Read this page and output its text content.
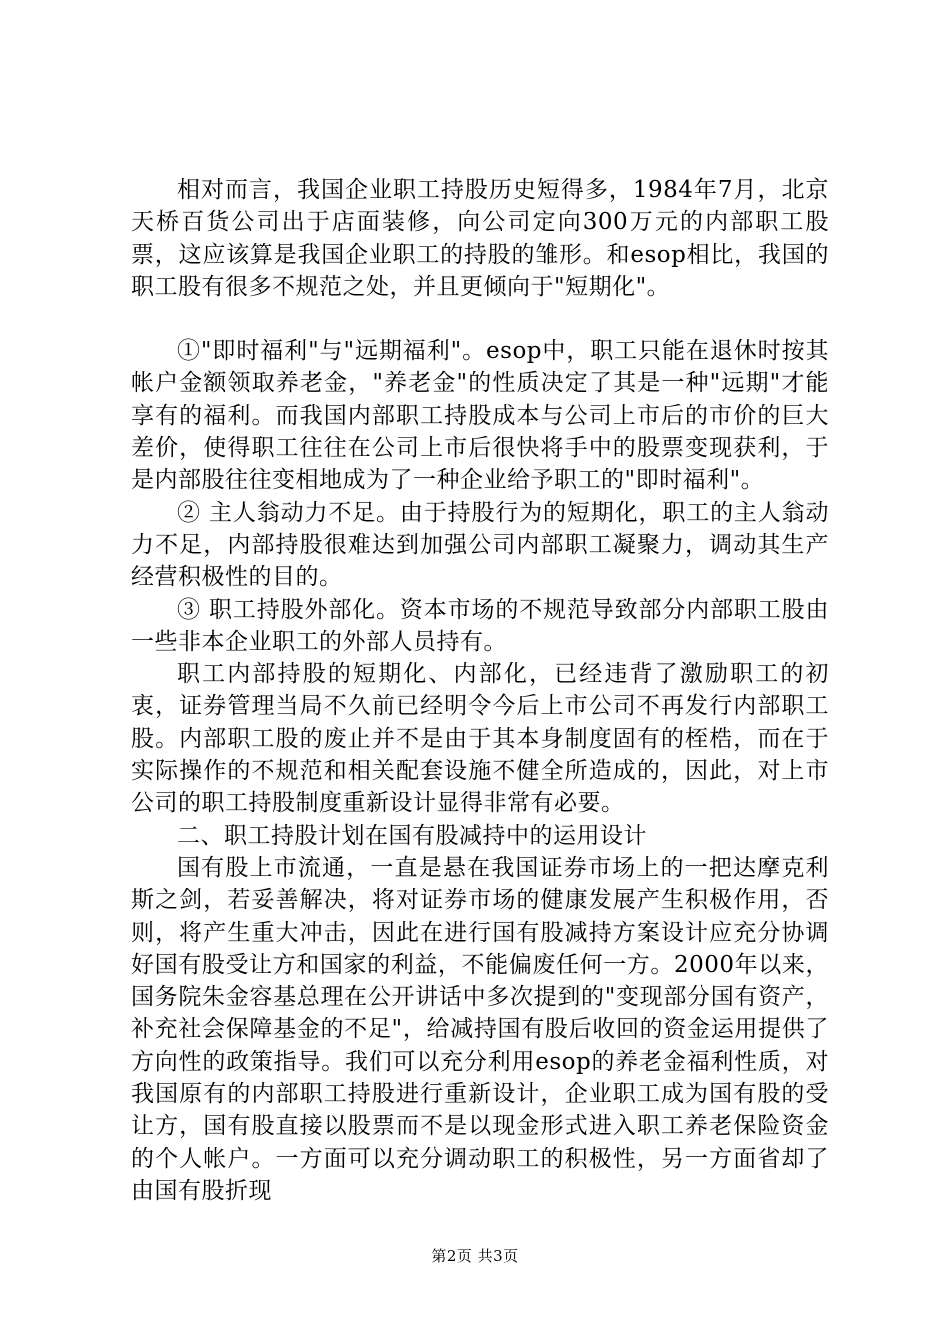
相对而言，我国企业职工持股历史短得多，1984年7月，北京天桥百货公司出于店面装修，向公司定向300万元的内部职工股票，这应该算是我国企业职工的持股的雏形。和esop相比，我国的职工股有很多不规范之处，并且更倾向于"短期化"。

①"即时福利"与"远期福利"。esop中，职工只能在退休时按其帐户金额领取养老金，"养老金"的性质决定了其是一种"远期"才能享有的福利。而我国内部职工持股成本与公司上市后的市价的巨大差价，使得职工往往在公司上市后很快将手中的股票变现获利，于是内部股往往变相地成为了一种企业给予职工的"即时福利"。

② 主人翁动力不足。由于持股行为的短期化，职工的主人翁动力不足，内部持股很难达到加强公司内部职工凝聚力，调动其生产经营积极性的目的。

③ 职工持股外部化。资本市场的不规范导致部分内部职工股由一些非本企业职工的外部人员持有。

职工内部持股的短期化、内部化，已经违背了激励职工的初衷，证券管理当局不久前已经明令今后上市公司不再发行内部职工股。内部职工股的废止并不是由于其本身制度固有的桎梏，而在于实际操作的不规范和相关配套设施不健全所造成的，因此，对上市公司的职工持股制度重新设计显得非常有必要。

二、职工持股计划在国有股减持中的运用设计

国有股上市流通，一直是悬在我国证券市场上的一把达摩克利斯之剑，若妥善解决，将对证券市场的健康发展产生积极作用，否则，将产生重大冲击，因此在进行国有股减持方案设计应充分协调好国有股受让方和国家的利益，不能偏废任何一方。2000年以来，国务院朱金容基总理在公开讲话中多次提到的"变现部分国有资产，补充社会保障基金的不足"，给减持国有股后收回的资金运用提供了方向性的政策指导。我们可以充分利用esop的养老金福利性质，对我国原有的内部职工持股进行重新设计，企业职工成为国有股的受让方，国有股直接以股票而不是以现金形式进入职工养老保险资金的个人帐户。一方面可以充分调动职工的积极性，另一方面省却了由国有股折现

第2页 共3页
